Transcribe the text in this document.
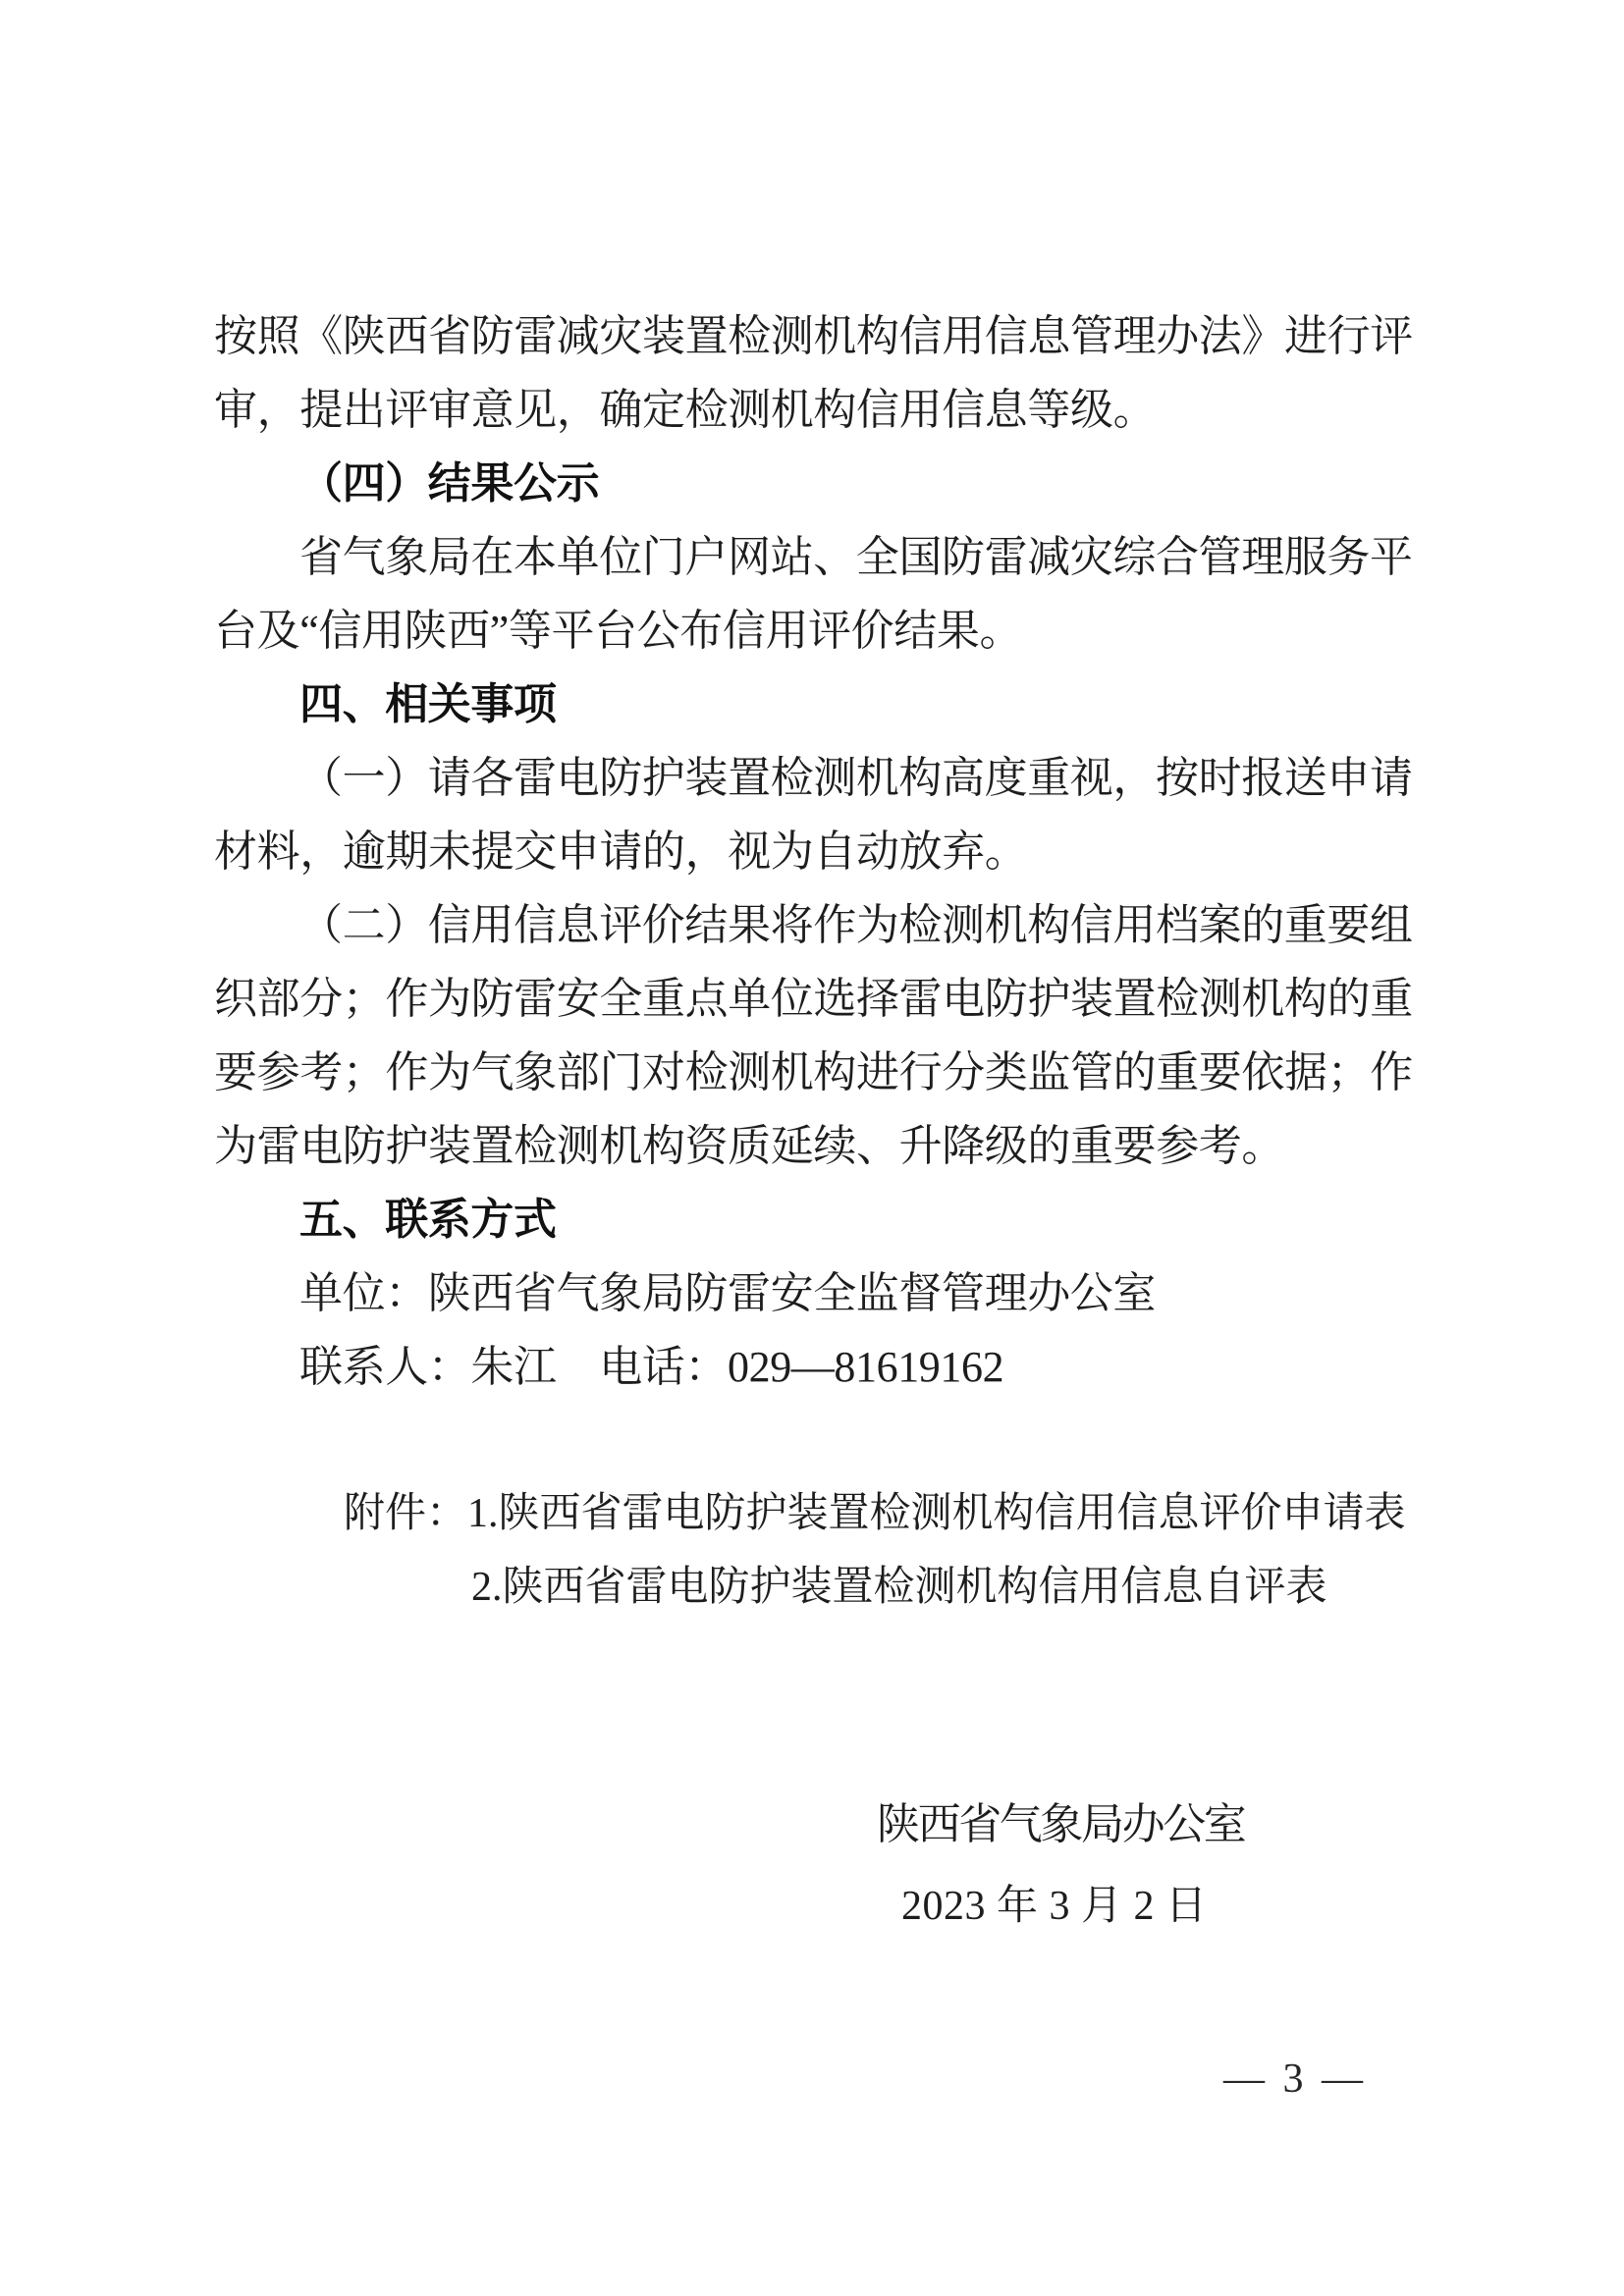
按照《陕西省防雷减灾装置检测机构信用信息管理办法》进行评

审，提出评审意见，确定检测机构信用信息等级。

（四）结果公示

省气象局在本单位门户网站、全国防雷减灾综合管理服务平

台及“信用陕西”等平台公布信用评价结果。

四、相关事项

（一）请各雷电防护装置检测机构高度重视，按时报送申请

材料，逾期未提交申请的，视为自动放弃。

（二）信用信息评价结果将作为检测机构信用档案的重要组

织部分；作为防雷安全重点单位选择雷电防护装置检测机构的重

要参考；作为气象部门对检测机构进行分类监管的重要依据；作

为雷电防护装置检测机构资质延续、升降级的重要参考。

五、联系方式

单位：陕西省气象局防雷安全监督管理办公室

联系人：朱江　电话：029—81619162

附件：1.陕西省雷电防护装置检测机构信用信息评价申请表

2.陕西省雷电防护装置检测机构信用信息自评表

陕西省气象局办公室
2023 年 3 月 2 日
— 3 —
